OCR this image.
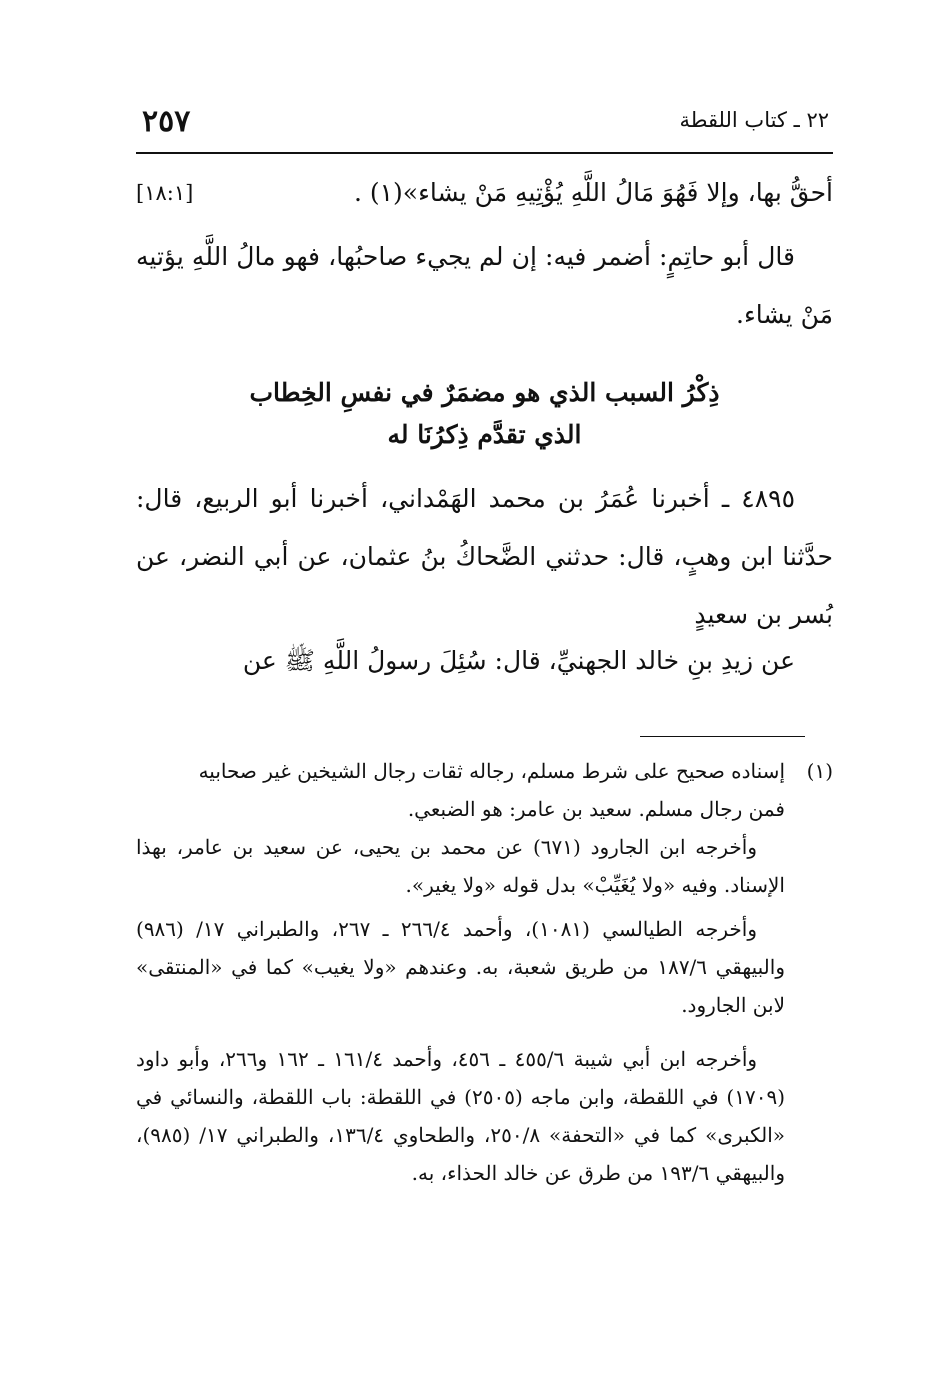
٢٥٧	٢٢ ـ كتاب اللقطة

أحقُّ بها، وإلا فَهُوَ مَالُ اللَّهِ يُؤْتِيهِ مَنْ يشاء»(١) .

[١٨:١]

قال أبو حاتِمٍ: أضمر فيه: إن لم يجيء صاحبُها، فهو مالُ اللَّهِ يؤتيه مَنْ يشاء.

ذِكْرُ السبب الذي هو مضمَرٌ في نفسِ الخِطاب
الذي تقدَّم ذِكرُنَا له

٤٨٩٥ ـ أخبرنا عُمَرُ بن محمد الهَمْداني، أخبرنا أبو الربيع، قال: حدَّثنا ابن وهبٍ، قال: حدثني الضَّحاكُ بنُ عثمان، عن أبي النضر، عن بُسر بن سعيدٍ

عن زيدِ بنِ خالد الجهنيِّ، قال: سُئِلَ رسولُ اللَّهِ ﷺ عن

(١)
إسناده صحيح على شرط مسلم، رجاله ثقات رجال الشيخين غير صحابيه
فمن رجال مسلم. سعيد بن عامر: هو الضبعي.

وأخرجه ابن الجارود (٦٧١) عن محمد بن يحيى، عن سعيد بن عامر، بهذا الإسناد. وفيه «ولا يُغَيِّبْ» بدل قوله «ولا يغير».

وأخرجه الطيالسي (١٠٨١)، وأحمد ٢٦٦/٤ ـ ٢٦٧، والطبراني ١٧/ (٩٨٦) والبيهقي ١٨٧/٦ من طريق شعبة، به. وعندهم «ولا يغيب» كما في «المنتقى» لابن الجارود.

وأخرجه ابن أبي شيبة ٤٥٥/٦ ـ ٤٥٦، وأحمد ١٦١/٤ ـ ١٦٢ و٢٦٦، وأبو داود (١٧٠٩) في اللقطة، وابن ماجه (٢٥٠٥) في اللقطة: باب اللقطة، والنسائي في «الكبرى» كما في «التحفة» ٢٥٠/٨، والطحاوي ١٣٦/٤، والطبراني ١٧/ (٩٨٥)، والبيهقي ١٩٣/٦ من طرق عن خالد الحذاء، به.
